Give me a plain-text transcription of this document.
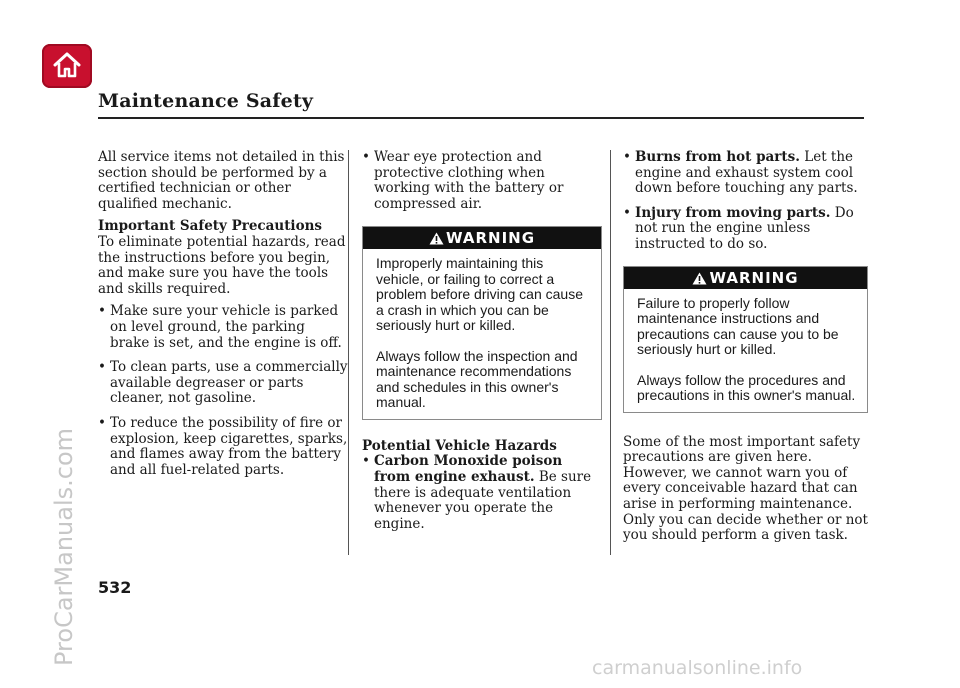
Maintenance Safety

All service items not detailed in this section should be performed by a certified technician or other qualified mechanic.

Important Safety Precautions

To eliminate potential hazards, read the instructions before you begin, and make sure you have the tools and skills required.

• Make sure your vehicle is parked on level ground, the parking brake is set, and the engine is off.
• To clean parts, use a commercially available degreaser or parts cleaner, not gasoline.
• To reduce the possibility of fire or explosion, keep cigarettes, sparks, and flames away from the battery and all fuel-related parts.
• Wear eye protection and protective clothing when working with the battery or compressed air.
WARNING

Improperly maintaining this vehicle, or failing to correct a problem before driving can cause a crash in which you can be seriously hurt or killed.

Always follow the inspection and maintenance recommendations and schedules in this owner's manual.

Potential Vehicle Hazards

• Carbon Monoxide poison from engine exhaust. Be sure there is adequate ventilation whenever you operate the engine.
• Burns from hot parts. Let the engine and exhaust system cool down before touching any parts.
• Injury from moving parts. Do not run the engine unless instructed to do so.
WARNING

Failure to properly follow maintenance instructions and precautions can cause you to be seriously hurt or killed.

Always follow the procedures and precautions in this owner's manual.

Some of the most important safety precautions are given here. However, we cannot warn you of every conceivable hazard that can arise in performing maintenance. Only you can decide whether or not you should perform a given task.

532
ProCarManuals.com
carmanualsonline.info
